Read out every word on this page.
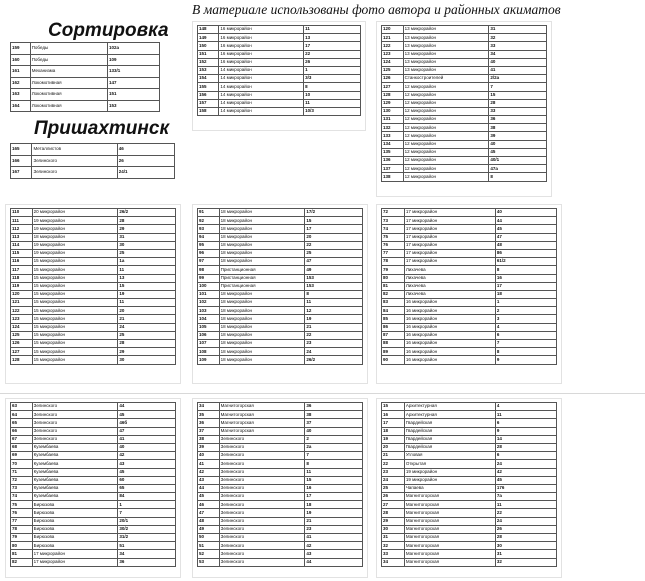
В материале использованы фото автора и районных акиматов
Сортировка
Пришахтинск
159	Победы	102а
160	Победы	109
161	Механизма	133/1
162	Локомотивная	147
163	Локомотивная	151
164	Локомотивная	153
165	Металлистов	46
166	Зелинского	26
167	Зелинского	24/1
148	16 микрорайон	11
149	16 микрорайон	13
150	16 микрорайон	17
151	16 микрорайон	22
152	16 микрорайон	26
153	14 микрорайон	1
154	14 микрорайон	3/3
155	14 микрорайон	8
156	14 микрорайон	10
157	14 микрорайон	11
158	14 микрорайон	10/3
120	13 микрорайон	31
121	13 микрорайон	32
122	13 микрорайон	33
123	13 микрорайон	34
124	13 микрорайон	40
125	13 микрорайон	41
126	Станкостроителей	2/2а
127	12 микрорайон	7
128	12 микрорайон	15
129	12 микрорайон	28
130	12 микрорайон	33
131	12 микрорайон	36
132	12 микрорайон	38
133	12 микрорайон	39
134	12 микрорайон	40
135	12 микрорайон	45
136	12 микрорайон	40/1
137	12 микрорайон	47а
138	12 микрорайон	8
110	20 микрорайон	26/2
111	19 микрорайон	28
112	19 микрорайон	29
113	18 микрорайон	31
114	19 микрорайон	30
115	19 микрорайон	25
116	15 микрорайон	1а
117	15 микрорайон	11
118	15 микрорайон	13
119	15 микрорайон	15
120	15 микрорайон	19
121	15 микрорайон	11
122	15 микрорайон	20
123	15 микрорайон	21
124	15 микрорайон	24
125	15 микрорайон	25
126	15 микрорайон	28
127	15 микрорайон	29
128	15 микрорайон	30
91	18 микрорайон	17/2
92	18 микрорайон	15
93	18 микрорайон	17
94	18 микрорайон	20
95	18 микрорайон	22
96	18 микрорайон	25
97	18 микрорайон	47
98	Пристанционная	49
99	Пристанционная	153
100	Пристанционная	153
101	18 микрорайон	8
102	18 микрорайон	11
103	18 микрорайон	12
104	18 микрорайон	19
105	18 микрорайон	21
106	18 микрорайон	22
107	18 микрорайон	23
108	18 микрорайон	24
109	18 микрорайон	26/2
72	17 микрорайон	40
73	17 микрорайон	44
74	17 микрорайон	45
75	17 микрорайон	47
76	17 микрорайон	48
77	17 микрорайон	86
78	17 микрорайон	61/2
79	Лихачева	8
80	Лихачева	16
81	Лихачева	17
82	Лихачева	18
83	16 микрорайон	1
84	16 микрорайон	2
85	16 микрорайон	3
86	16 микрорайон	4
87	16 микрорайон	6
88	16 микрорайон	7
89	16 микрорайон	8
90	16 микрорайон	9
63	Зелинского	44
64	Зелинского	45
65	Зелинского	46б
66	Зелинского	47
67	Зелинского	41
68	Кузембаева	40
69	Кузембаева	42
70	Кузембаева	43
71	Кузембаева	45
72	Кузембаева	60
73	Кузембаева	65
74	Кузембаева	84
75	Бирюзова	1
76	Бирюзова	7
77	Бирюзова	20/1
78	Бирюзова	30/2
79	Бирюзова	31/2
80	Бирюзова	51
81	17 микрорайон	34
82	17 микрорайон	36
34	Магнитогорская	36
35	Магнитогорская	38
36	Магнитогорская	37
37	Магнитогорская	40
38	Зелинского	2
39	Зелинского	2а
40	Зелинского	7
41	Зелинского	8
42	Зелинского	11
43	Зелинского	15
44	Зелинского	16
45	Зелинского	17
46	Зелинского	18
47	Зелинского	19
48	Зелинского	21
49	Зелинского	23
50	Зелинского	41
51	Зелинского	42
52	Зелинского	43
53	Зелинского	44
15	Архитектурная	4
16	Архитектурная	11
17	Гвардейская	6
18	Гвардейская	9
19	Гвардейская	14
20	Гвардейская	28
21	Угловая	6
22	Открытая	24
23	19 микрорайон	42
24	19 микрорайон	45
25	Чапаева	176
26	Магнитогорская	7а
27	Магнитогорская	11
28	Магнитогорская	22
29	Магнитогорская	24
30	Магнитогорская	26
31	Магнитогорская	28
32	Магнитогорская	30
33	Магнитогорская	31
34	Магнитогорская	32
